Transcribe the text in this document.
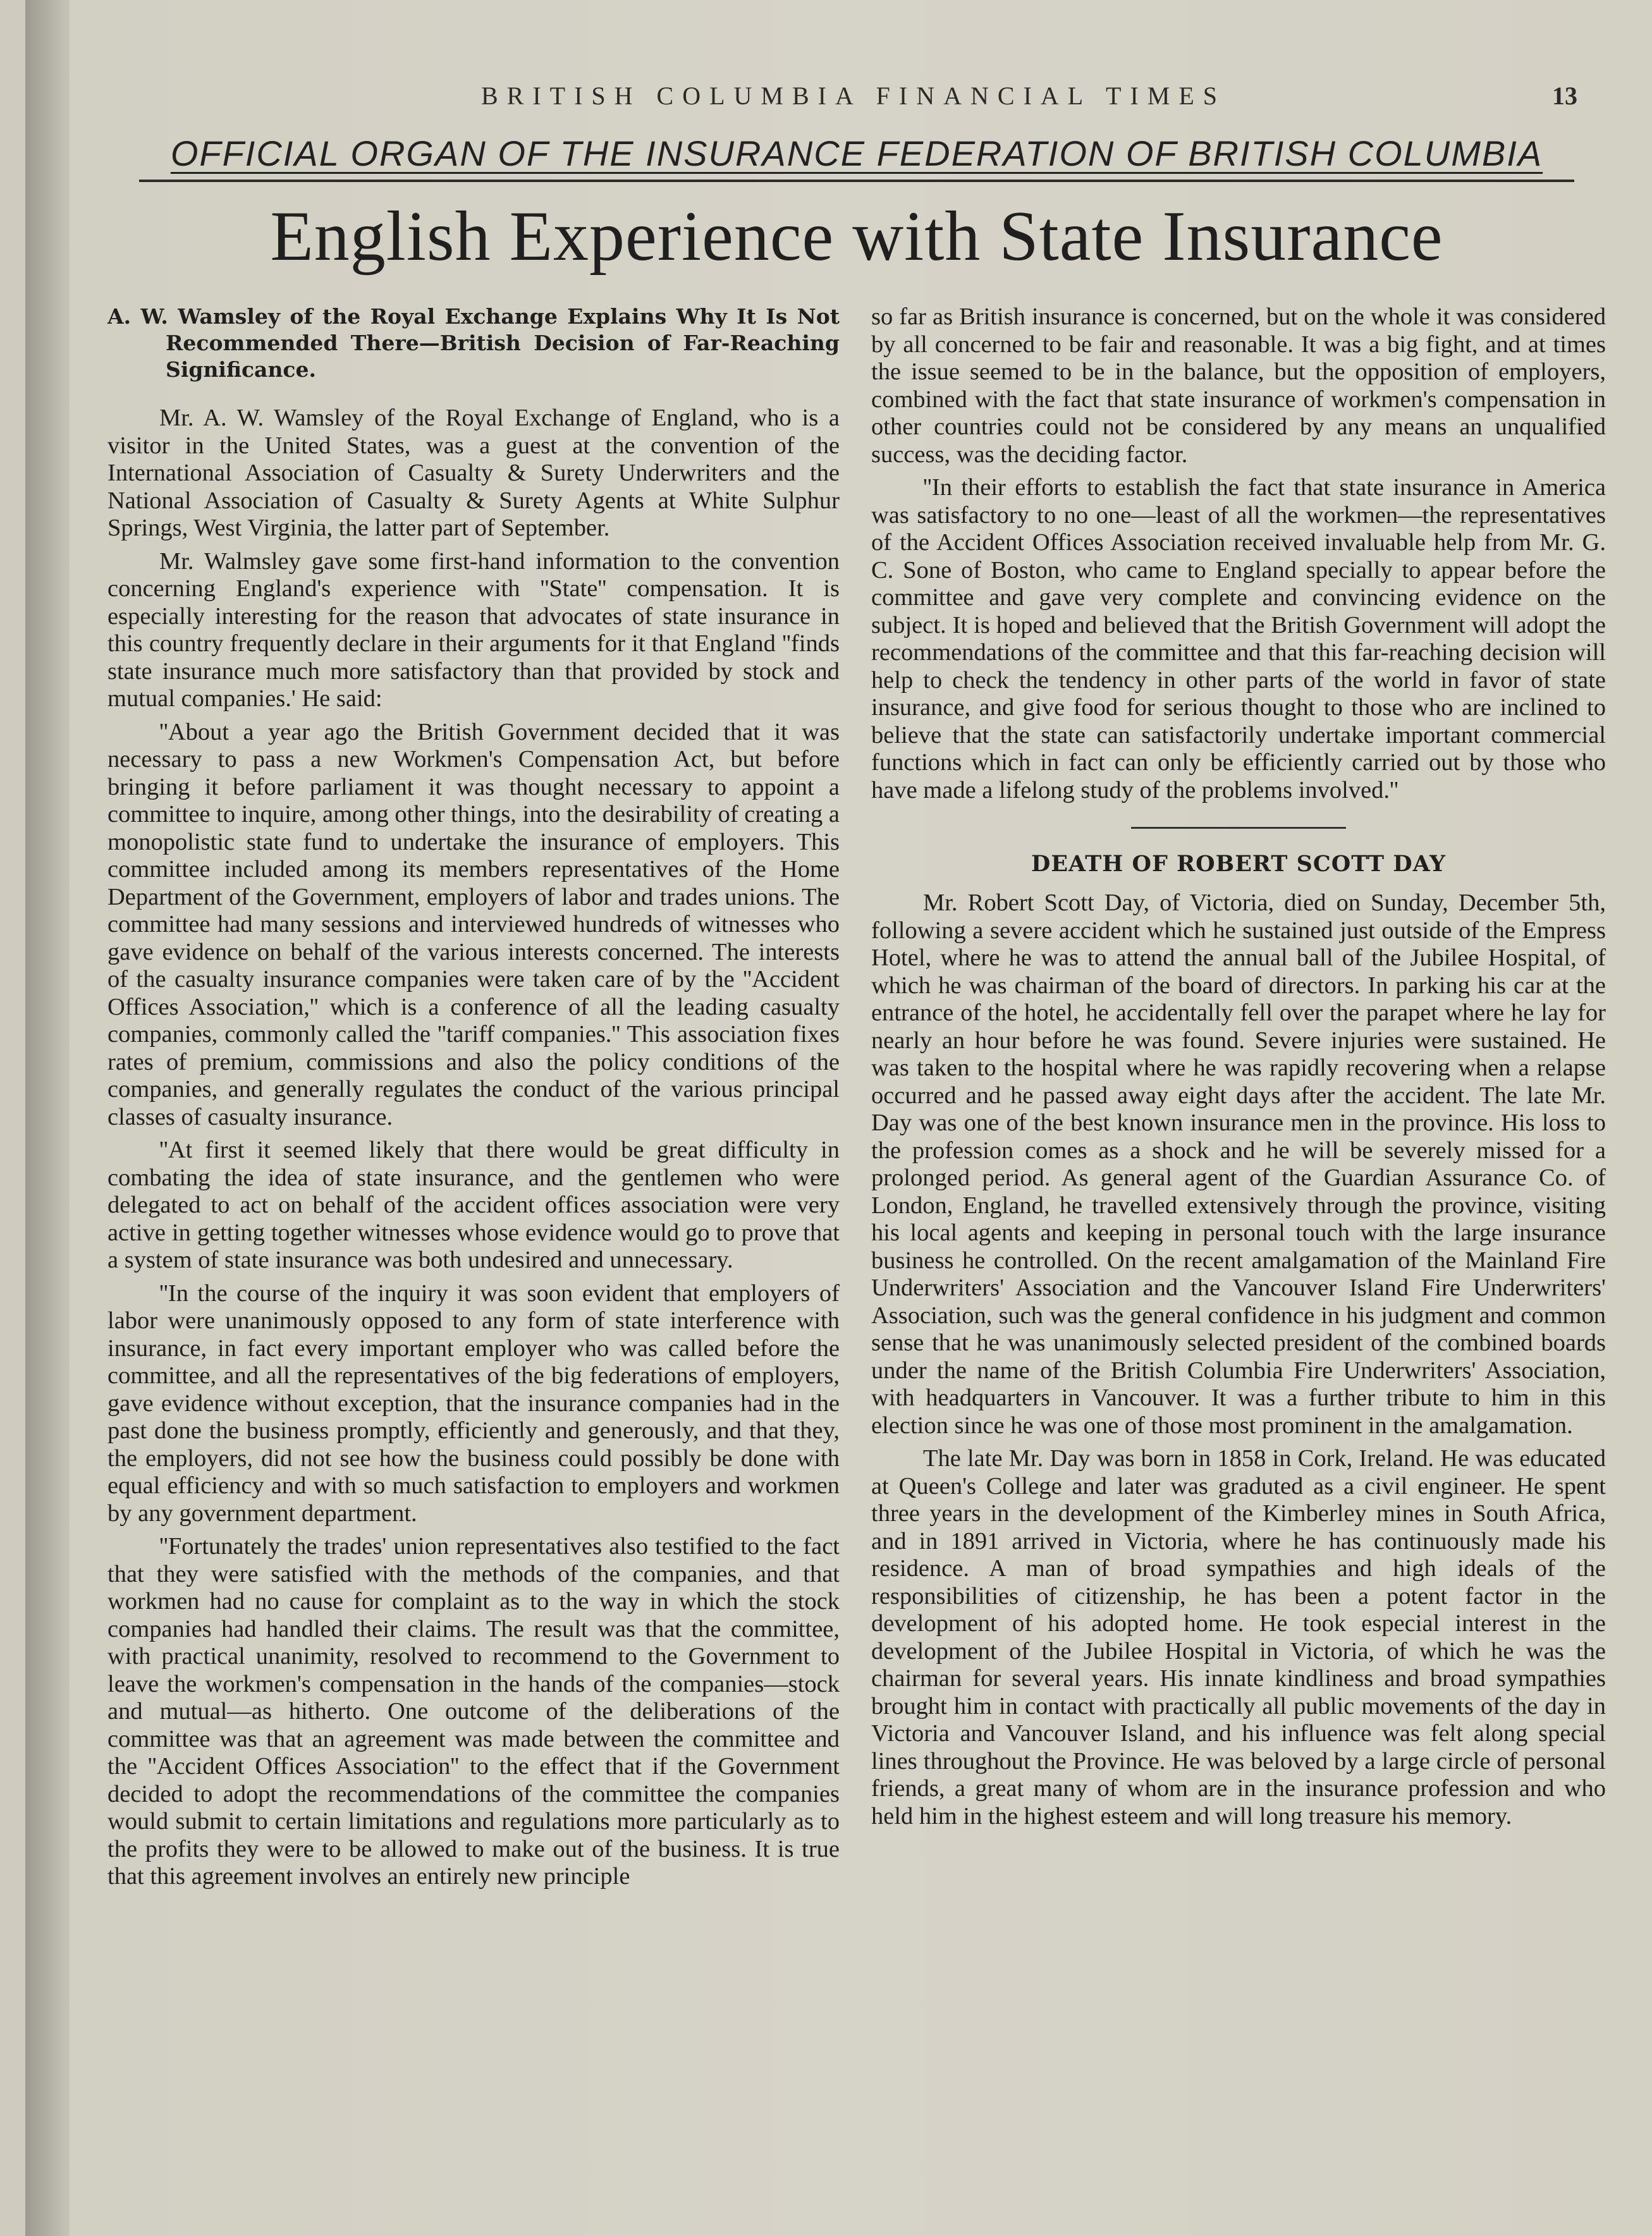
BRITISH COLUMBIA FINANCIAL TIMES	13
OFFICIAL ORGAN OF THE INSURANCE FEDERATION OF BRITISH COLUMBIA
English Experience with State Insurance
A. W. Wamsley of the Royal Exchange Explains Why It Is Not Recommended There—British Decision of Far-Reaching Significance.

Mr. A. W. Wamsley of the Royal Exchange of England, who is a visitor in the United States, was a guest at the convention of the International Association of Casualty & Surety Underwriters and the National Association of Casualty & Surety Agents at White Sulphur Springs, West Virginia, the latter part of September.

Mr. Walmsley gave some first-hand information to the convention concerning England's experience with ''State'' compensation. It is especially interesting for the reason that advocates of state insurance in this country frequently declare in their arguments for it that England ''finds state insurance much more satisfactory than that provided by stock and mutual companies.' He said:

''About a year ago the British Government decided that it was necessary to pass a new Workmen's Compensation Act, but before bringing it before parliament it was thought necessary to appoint a committee to inquire, among other things, into the desirability of creating a monopolistic state fund to undertake the insurance of employers. This committee included among its members representatives of the Home Department of the Government, employers of labor and trades unions. The committee had many sessions and interviewed hundreds of witnesses who gave evidence on behalf of the various interests concerned. The interests of the casualty insurance companies were taken care of by the ''Accident Offices Association,'' which is a conference of all the leading casualty companies, commonly called the ''tariff companies.'' This association fixes rates of premium, commissions and also the policy conditions of the companies, and generally regulates the conduct of the various principal classes of casualty insurance.

''At first it seemed likely that there would be great difficulty in combating the idea of state insurance, and the gentlemen who were delegated to act on behalf of the accident offices association were very active in getting together witnesses whose evidence would go to prove that a system of state insurance was both undesired and unnecessary.

''In the course of the inquiry it was soon evident that employers of labor were unanimously opposed to any form of state interference with insurance, in fact every important employer who was called before the committee, and all the representatives of the big federations of employers, gave evidence without exception, that the insurance companies had in the past done the business promptly, efficiently and generously, and that they, the employers, did not see how the business could possibly be done with equal efficiency and with so much satisfaction to employers and workmen by any government department.

''Fortunately the trades' union representatives also testified to the fact that they were satisfied with the methods of the companies, and that workmen had no cause for complaint as to the way in which the stock companies had handled their claims. The result was that the committee, with practical unanimity, resolved to recommend to the Government to leave the workmen's compensation in the hands of the companies—stock and mutual—as hitherto. One outcome of the deliberations of the committee was that an agreement was made between the committee and the ''Accident Offices Association'' to the effect that if the Government decided to adopt the recommendations of the committee the companies would submit to certain limitations and regulations more particularly as to the profits they were to be allowed to make out of the business. It is true that this agreement involves an entirely new principle

so far as British insurance is concerned, but on the whole it was considered by all concerned to be fair and reasonable. It was a big fight, and at times the issue seemed to be in the balance, but the opposition of employers, combined with the fact that state insurance of workmen's compensation in other countries could not be considered by any means an unqualified success, was the deciding factor.

''In their efforts to establish the fact that state insurance in America was satisfactory to no one—least of all the workmen—the representatives of the Accident Offices Association received invaluable help from Mr. G. C. Sone of Boston, who came to England specially to appear before the committee and gave very complete and convincing evidence on the subject. It is hoped and believed that the British Government will adopt the recommendations of the committee and that this far-reaching decision will help to check the tendency in other parts of the world in favor of state insurance, and give food for serious thought to those who are inclined to believe that the state can satisfactorily undertake important commercial functions which in fact can only be efficiently carried out by those who have made a lifelong study of the problems involved.''

DEATH OF ROBERT SCOTT DAY

Mr. Robert Scott Day, of Victoria, died on Sunday, December 5th, following a severe accident which he sustained just outside of the Empress Hotel, where he was to attend the annual ball of the Jubilee Hospital, of which he was chairman of the board of directors. In parking his car at the entrance of the hotel, he accidentally fell over the parapet where he lay for nearly an hour before he was found. Severe injuries were sustained. He was taken to the hospital where he was rapidly recovering when a relapse occurred and he passed away eight days after the accident. The late Mr. Day was one of the best known insurance men in the province. His loss to the profession comes as a shock and he will be severely missed for a prolonged period. As general agent of the Guardian Assurance Co. of London, England, he travelled extensively through the province, visiting his local agents and keeping in personal touch with the large insurance business he controlled. On the recent amalgamation of the Mainland Fire Underwriters' Association and the Vancouver Island Fire Underwriters' Association, such was the general confidence in his judgment and common sense that he was unanimously selected president of the combined boards under the name of the British Columbia Fire Underwriters' Association, with headquarters in Vancouver. It was a further tribute to him in this election since he was one of those most prominent in the amalgamation.

The late Mr. Day was born in 1858 in Cork, Ireland. He was educated at Queen's College and later was graduted as a civil engineer. He spent three years in the development of the Kimberley mines in South Africa, and in 1891 arrived in Victoria, where he has continuously made his residence. A man of broad sympathies and high ideals of the responsibilities of citizenship, he has been a potent factor in the development of his adopted home. He took especial interest in the development of the Jubilee Hospital in Victoria, of which he was the chairman for several years. His innate kindliness and broad sympathies brought him in contact with practically all public movements of the day in Victoria and Vancouver Island, and his influence was felt along special lines throughout the Province. He was beloved by a large circle of personal friends, a great many of whom are in the insurance profession and who held him in the highest esteem and will long treasure his memory.
